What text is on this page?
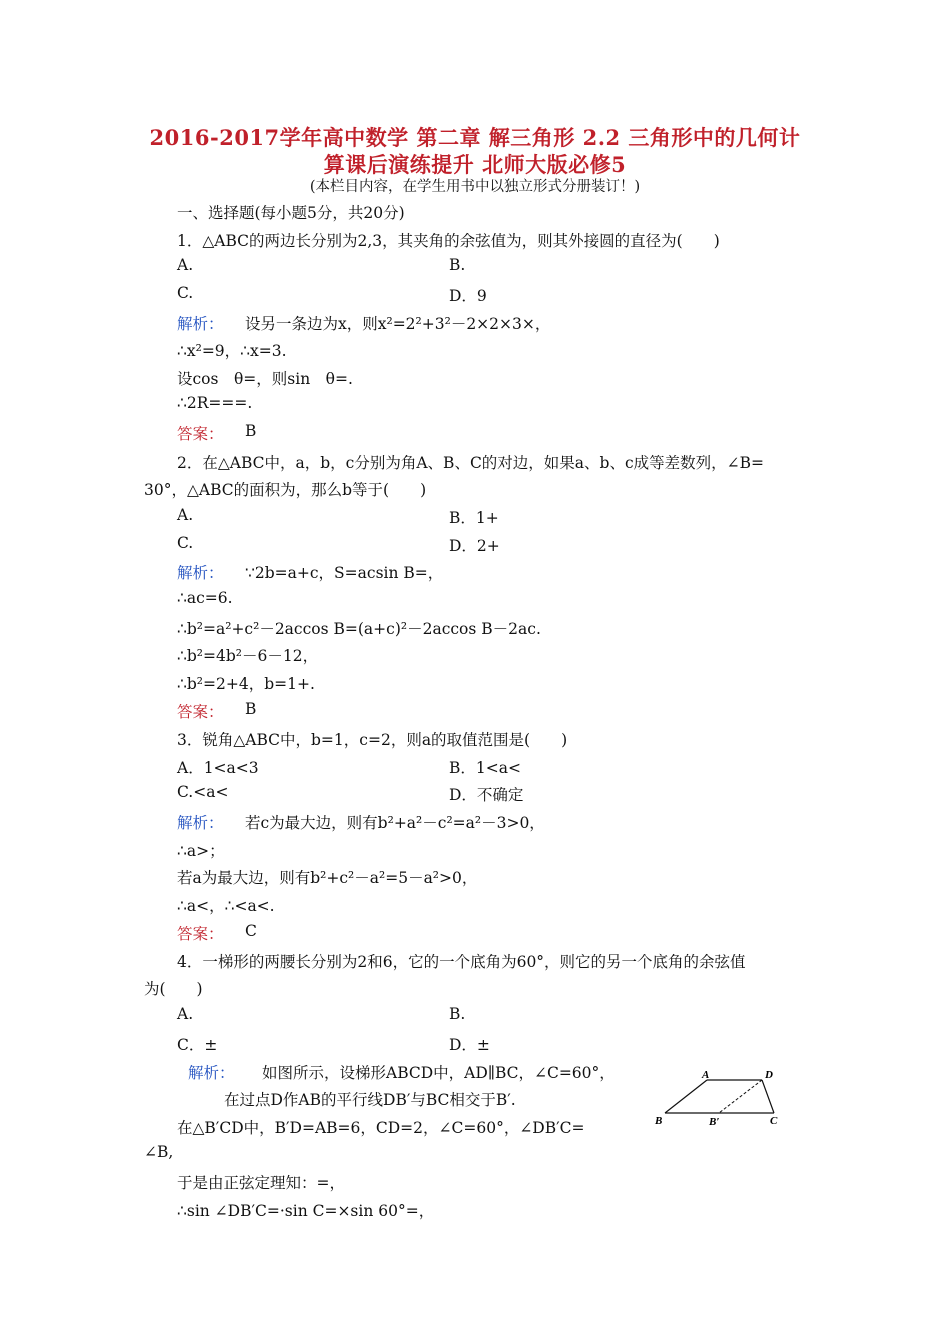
2016-2017学年高中数学 第二章 解三角形 2.2 三角形中的几何计
算课后演练提升 北师大版必修5
(本栏目内容，在学生用书中以独立形式分册装订！)
一、选择题(每小题5分，共20分)
1．△ABC的两边长分别为2,3，其夹角的余弦值为，则其外接圆的直径为(　　)
A.	B.
C.	D．9
解析： 设另一条边为x，则x²=2²+3²－2×2×3×，
∴x²=9，∴x=3.
设cos　θ=，则sin　θ=.
∴2R===.
答案： B
2．在△ABC中，a，b，c分别为角A、B、C的对边，如果a、b、c成等差数列，∠B=
30°，△ABC的面积为，那么b等于(　　)
A.	B．1+
C.	D．2+
解析： ∵2b=a+c，S=acsin B=，
∴ac=6.
∴b²=a²+c²－2accos B=(a+c)²－2accos B－2ac.
∴b²=4b²－6－12，
∴b²=2+4，b=1+.
答案： B
3．锐角△ABC中，b=1，c=2，则a的取值范围是(　　)
A．1<a<3	B．1<a<
C.<a<	D．不确定
解析： 若c为最大边，则有b²+a²－c²=a²－3>0，
∴a>；
若a为最大边，则有b²+c²－a²=5－a²>0，
∴a<，∴<a<.
答案： C
4．一梯形的两腰长分别为2和6，它的一个底角为60°，则它的另一个底角的余弦值
为(　　)
A.	B.
C．±	D．±
解析： 如图所示，设梯形ABCD中，AD∥BC，∠C=60°，
在过点D作AB的平行线DB′与BC相交于B′.
在△B′CD中，B′D=AB=6，CD=2，∠C=60°，∠DB′C=
∠B,
于是由正弦定理知：=，
∴sin ∠DB′C=·sin C=×sin 60°=，
A	D
B	B′	C
